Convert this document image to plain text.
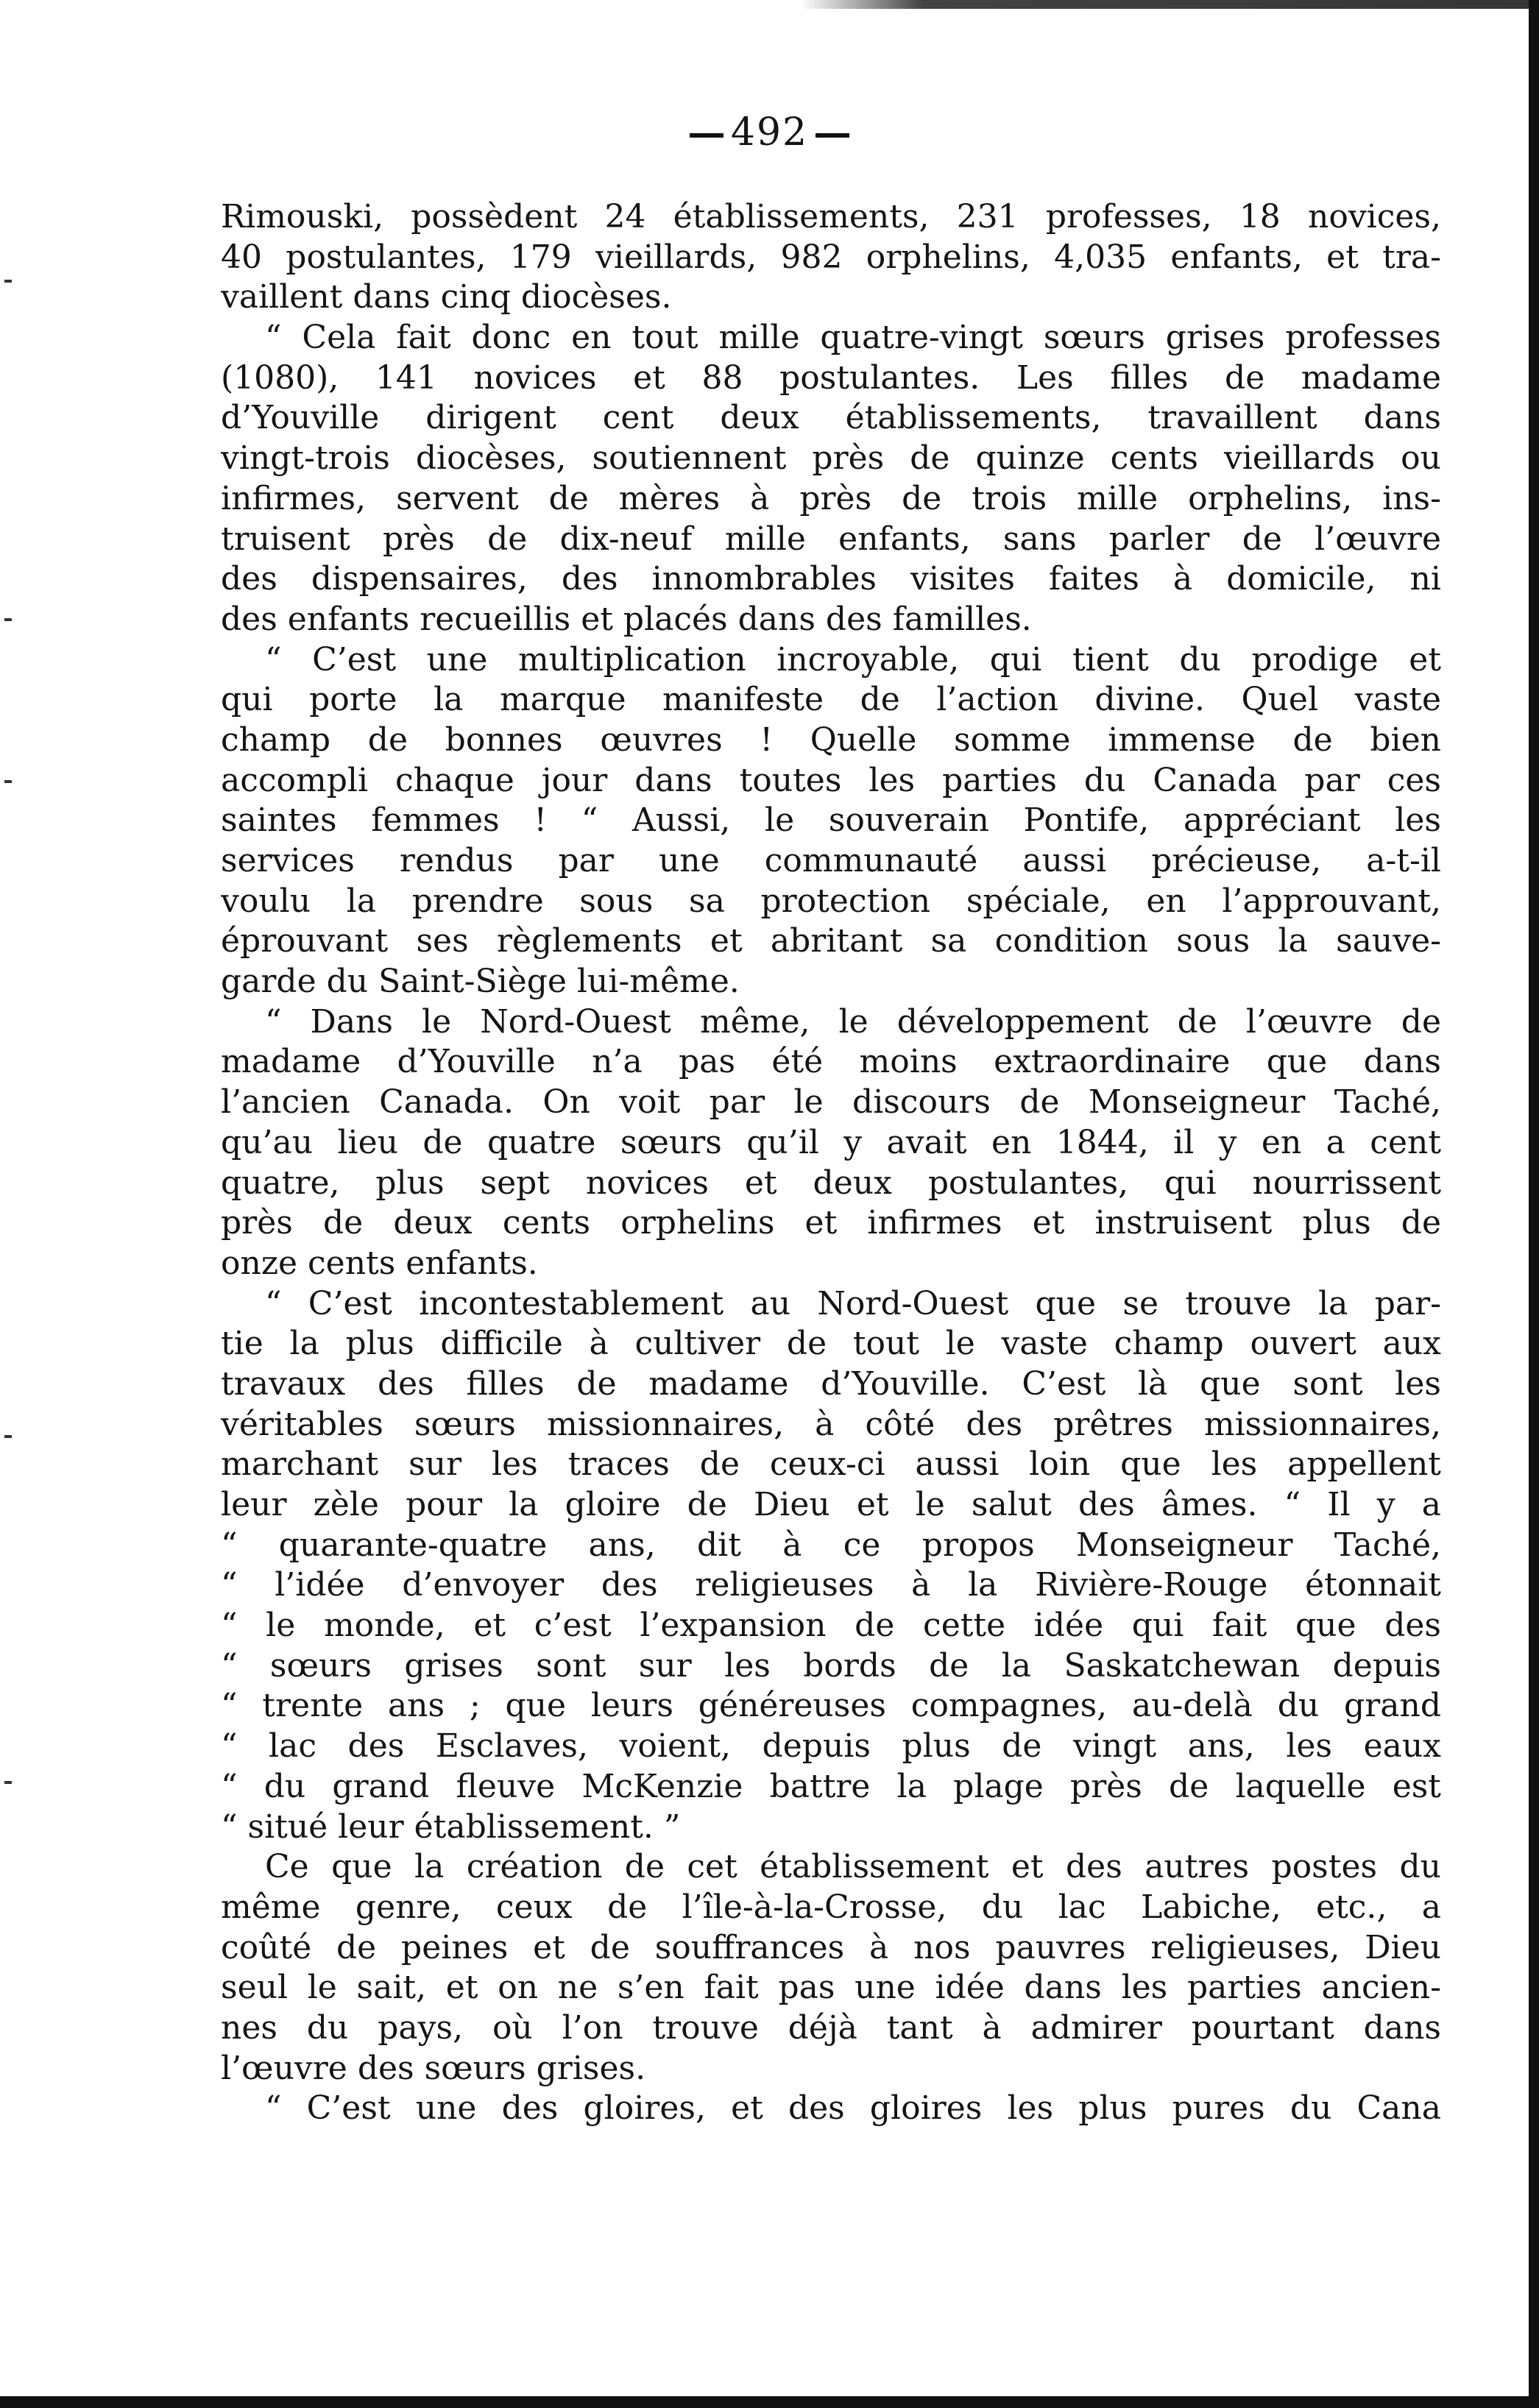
492
Rimouski, possèdent 24 établissements, 231 professes, 18 novices,
40 postulantes, 179 vieillards, 982 orphelins, 4,035 enfants, et tra-
vaillent dans cinq diocèses.
“ Cela fait donc en tout mille quatre-vingt sœurs grises professes
(1080), 141 novices et 88 postulantes. Les filles de madame
d’Youville dirigent cent deux établissements, travaillent dans
vingt-trois diocèses, soutiennent près de quinze cents vieillards ou
infirmes, servent de mères à près de trois mille orphelins, ins-
truisent près de dix-neuf mille enfants, sans parler de l’œuvre
des dispensaires, des innombrables visites faites à domicile, ni
des enfants recueillis et placés dans des familles.
“ C’est une multiplication incroyable, qui tient du prodige et
qui porte la marque manifeste de l’action divine. Quel vaste
champ de bonnes œuvres ! Quelle somme immense de bien
accompli chaque jour dans toutes les parties du Canada par ces
saintes femmes ! “ Aussi, le souverain Pontife, appréciant les
services rendus par une communauté aussi précieuse, a-t-il
voulu la prendre sous sa protection spéciale, en l’approuvant,
éprouvant ses règlements et abritant sa condition sous la sauve-
garde du Saint-Siège lui-même.
“ Dans le Nord-Ouest même, le développement de l’œuvre de
madame d’Youville n’a pas été moins extraordinaire que dans
l’ancien Canada. On voit par le discours de Monseigneur Taché,
qu’au lieu de quatre sœurs qu’il y avait en 1844, il y en a cent
quatre, plus sept novices et deux postulantes, qui nourrissent
près de deux cents orphelins et infirmes et instruisent plus de
onze cents enfants.
“ C’est incontestablement au Nord-Ouest que se trouve la par-
tie la plus difficile à cultiver de tout le vaste champ ouvert aux
travaux des filles de madame d’Youville. C’est là que sont les
véritables sœurs missionnaires, à côté des prêtres missionnaires,
marchant sur les traces de ceux-ci aussi loin que les appellent
leur zèle pour la gloire de Dieu et le salut des âmes. “ Il y a
“ quarante-quatre ans, dit à ce propos Monseigneur Taché,
“ l’idée d’envoyer des religieuses à la Rivière-Rouge étonnait
“ le monde, et c’est l’expansion de cette idée qui fait que des
“ sœurs grises sont sur les bords de la Saskatchewan depuis
“ trente ans ; que leurs généreuses compagnes, au-delà du grand
“ lac des Esclaves, voient, depuis plus de vingt ans, les eaux
“ du grand fleuve McKenzie battre la plage près de laquelle est
“ situé leur établissement. ”
Ce que la création de cet établissement et des autres postes du
même genre, ceux de l’île-à-la-Crosse, du lac Labiche, etc., a
coûté de peines et de souffrances à nos pauvres religieuses, Dieu
seul le sait, et on ne s’en fait pas une idée dans les parties ancien-
nes du pays, où l’on trouve déjà tant à admirer pourtant dans
l’œuvre des sœurs grises.
“ C’est une des gloires, et des gloires les plus pures du Cana
